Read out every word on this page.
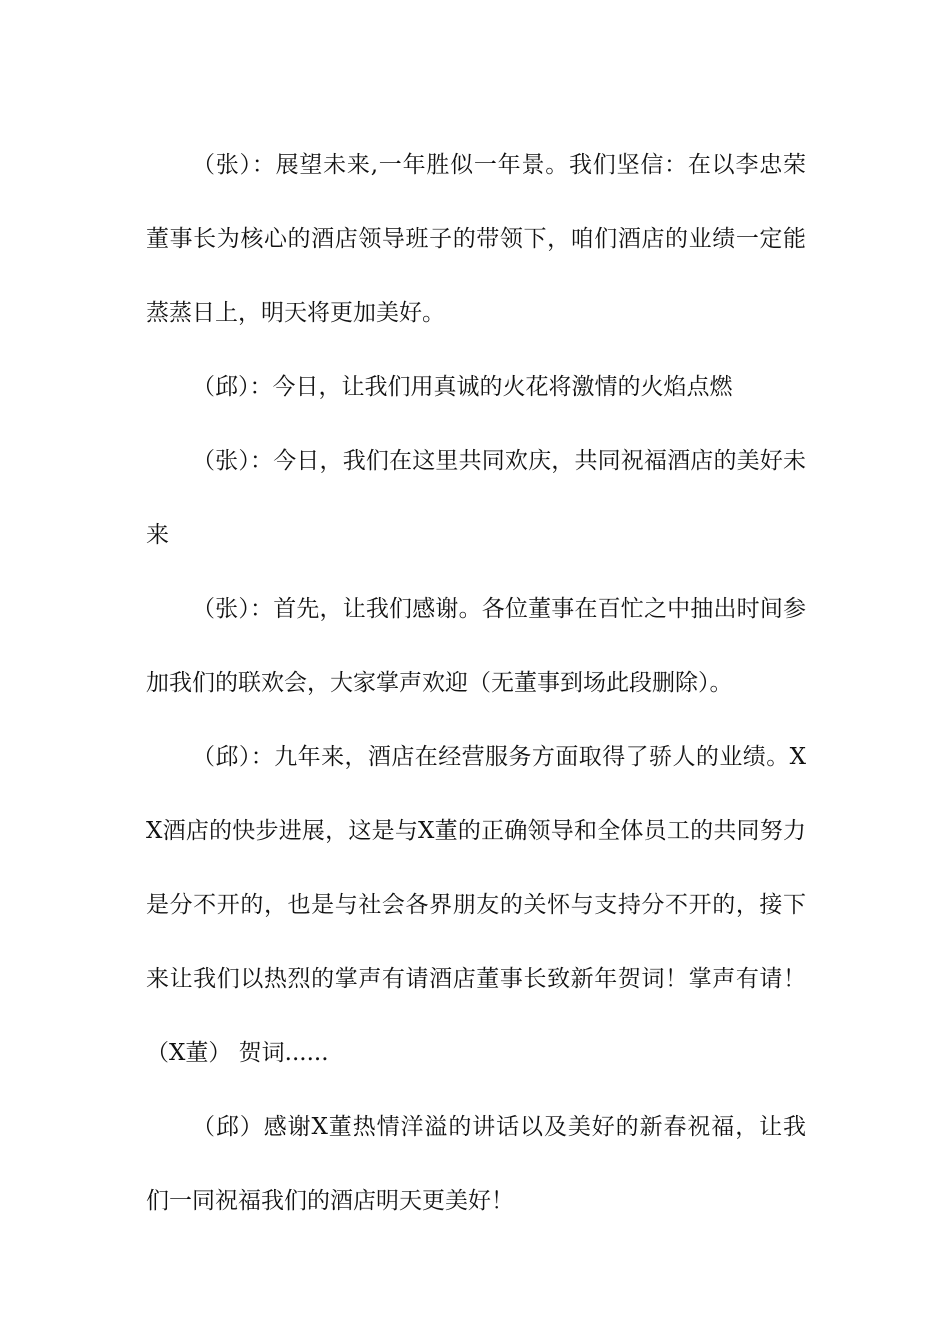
（张）：展望未来,一年胜似一年景。我们坚信：在以李忠荣董事长为核心的酒店领导班子的带领下，咱们酒店的业绩一定能蒸蒸日上，明天将更加美好。

（邱）：今日，让我们用真诚的火花将激情的火焰点燃

（张）：今日，我们在这里共同欢庆，共同祝福酒店的美好未来

（张）：首先，让我们感谢。各位董事在百忙之中抽出时间参加我们的联欢会，大家掌声欢迎（无董事到场此段删除）。

（邱）：九年来，酒店在经营服务方面取得了骄人的业绩。XX酒店的快步进展，这是与X董的正确领导和全体员工的共同努力是分不开的，也是与社会各界朋友的关怀与支持分不开的，接下来让我们以热烈的掌声有请酒店董事长致新年贺词！掌声有请！ （X董） 贺词......

（邱）感谢X董热情洋溢的讲话以及美好的新春祝福，让我们一同祝福我们的酒店明天更美好！
